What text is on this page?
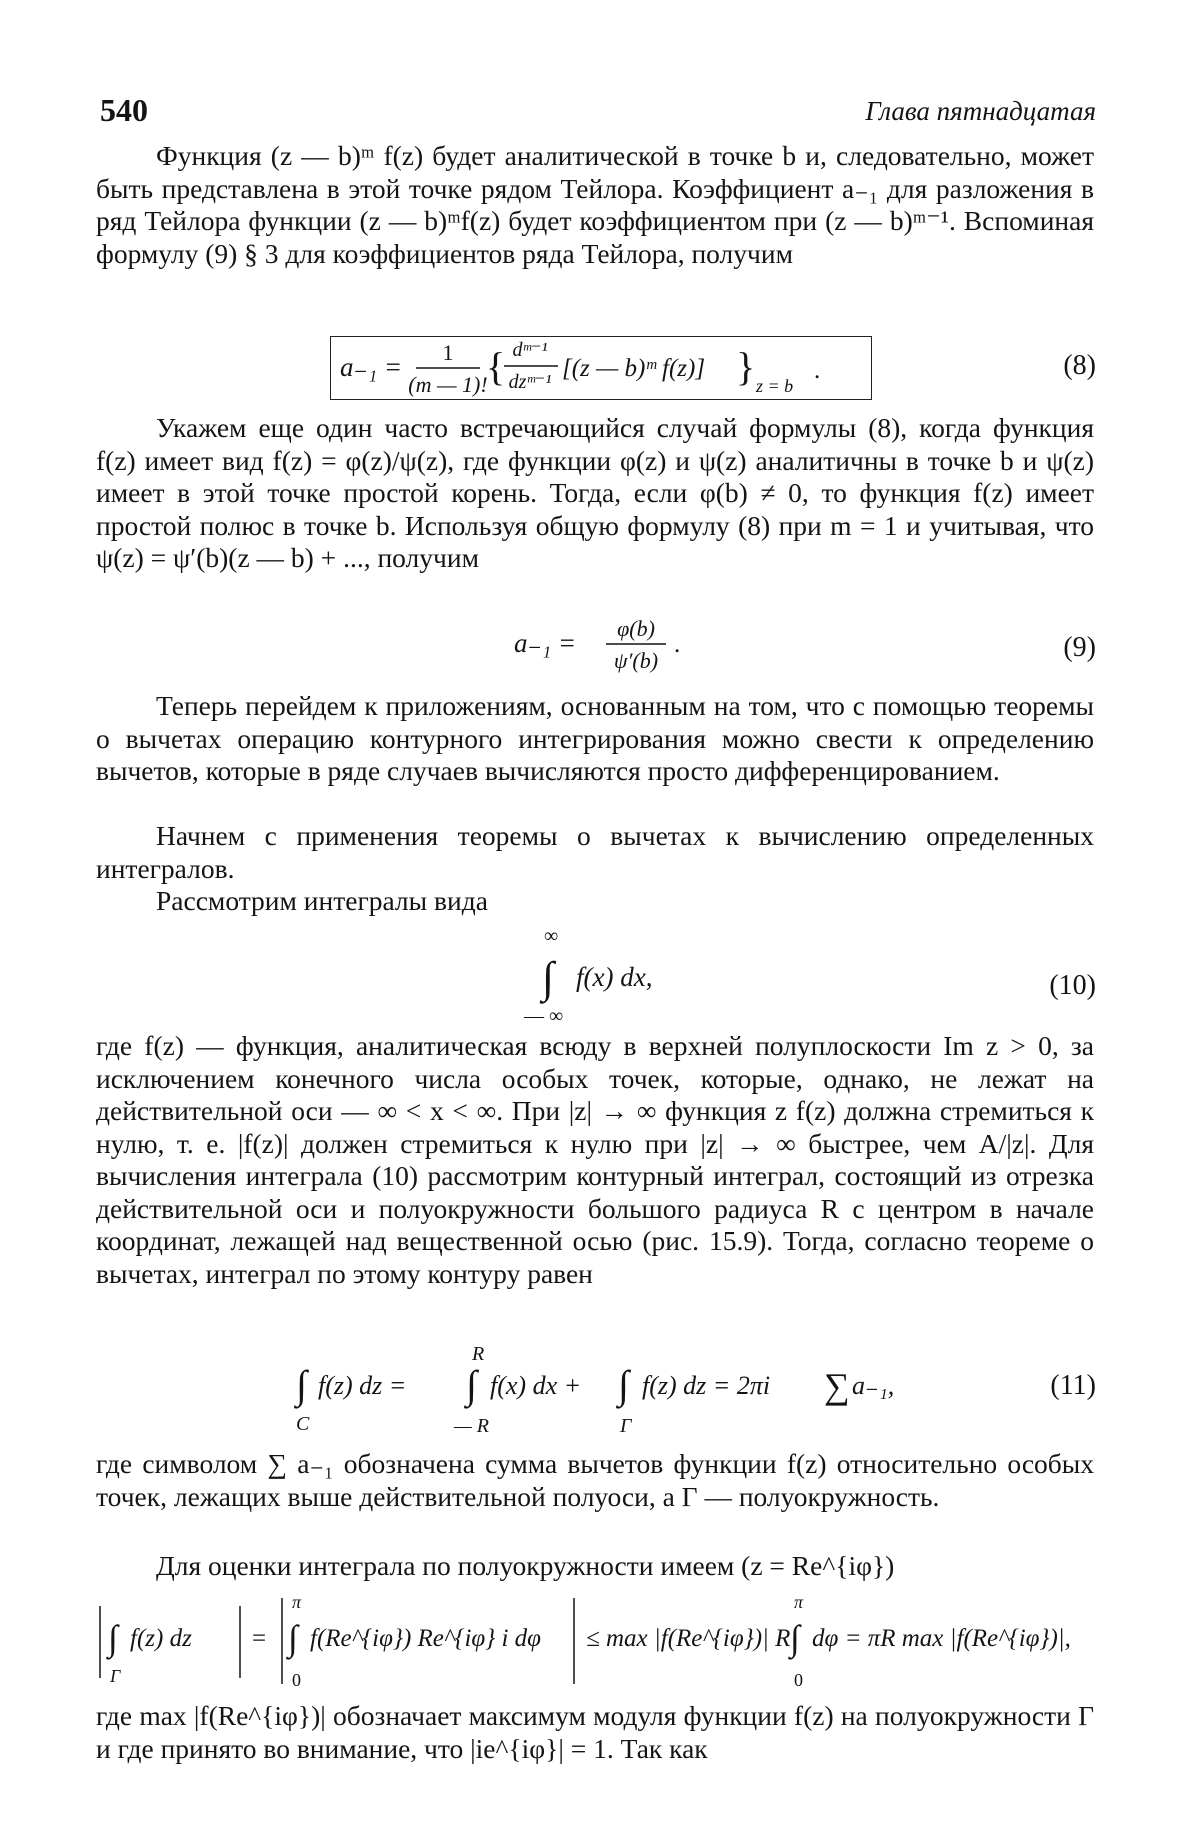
540	Глава пятнадцатая

Функция (z — b)ᵐ f(z) будет аналитической в точке b и, следовательно, может быть представлена в этой точке рядом Тейлора. Коэффициент a₋₁ для разложения в ряд Тейлора функции (z — b)ᵐf(z) будет коэффициентом при (z — b)ᵐ⁻¹. Вспоминая формулу (9) § 3 для коэффициентов ряда Тейлора, получим

a₋₁ = 1
(m — 1)!
{ dᵐ⁻¹
dzᵐ⁻¹ [(z — b)ᵐ f(z)] } z = b
.	(8)

Укажем еще один часто встречающийся случай формулы (8), когда функция f(z) имеет вид f(z) = φ(z)/ψ(z), где функции φ(z) и ψ(z) аналитичны в точке b и ψ(z) имеет в этой точке простой корень. Тогда, если φ(b) ≠ 0, то функция f(z) имеет простой полюс в точке b. Используя общую формулу (8) при m = 1 и учитывая, что ψ(z) = ψ′(b)(z — b) + ..., получим

a₋₁ = φ(b)
ψ′(b)
.	(9)

Теперь перейдем к приложениям, основанным на том, что с помощью теоремы о вычетах операцию контурного интегрирования можно свести к определению вычетов, которые в ряде случаев вычисляются просто дифференцированием.

Начнем с применения теоремы о вычетах к вычислению определенных интегралов.

Рассмотрим интегралы вида

∞
∫
— ∞
f(x) dx,	(10)

где f(z) — функция, аналитическая всюду в верхней полуплоскости Im z > 0, за исключением конечного числа особых точек, которые, однако, не лежат на действительной оси — ∞ < x < ∞. При |z| → ∞ функция z f(z) должна стремиться к нулю, т. е. |f(z)| должен стремиться к нулю при |z| → ∞ быстрее, чем A/|z|. Для вычисления интеграла (10) рассмотрим контурный интеграл, состоящий из отрезка действительной оси и полуокружности большого радиуса R с центром в начале координат, лежащей над вещественной осью (рис. 15.9). Тогда, согласно теореме о вычетах, интеграл по этому контуру равен

∫
C
f(z) dz =
R
∫
— R
f(x) dx + ∫
Γ
f(z) dz = 2πi ∑ a₋₁,	(11)

где символом ∑ a₋₁ обозначена сумма вычетов функции f(z) относительно особых точек, лежащих выше действительной полуоси, а Γ — полуокружность.

Для оценки интеграла по полуокружности имеем (z = Re^{iφ})

∫
Γ
f(z) dz =
π
∫
0
f(Re^{iφ}) Re^{iφ} i dφ ≤ max |f(Re^{iφ})| R
π
∫
0
dφ = πR max |f(Re^{iφ})|,

где max |f(Re^{iφ})| обозначает максимум модуля функции f(z) на полуокружности Γ и где принято во внимание, что |ie^{iφ}| = 1. Так как
